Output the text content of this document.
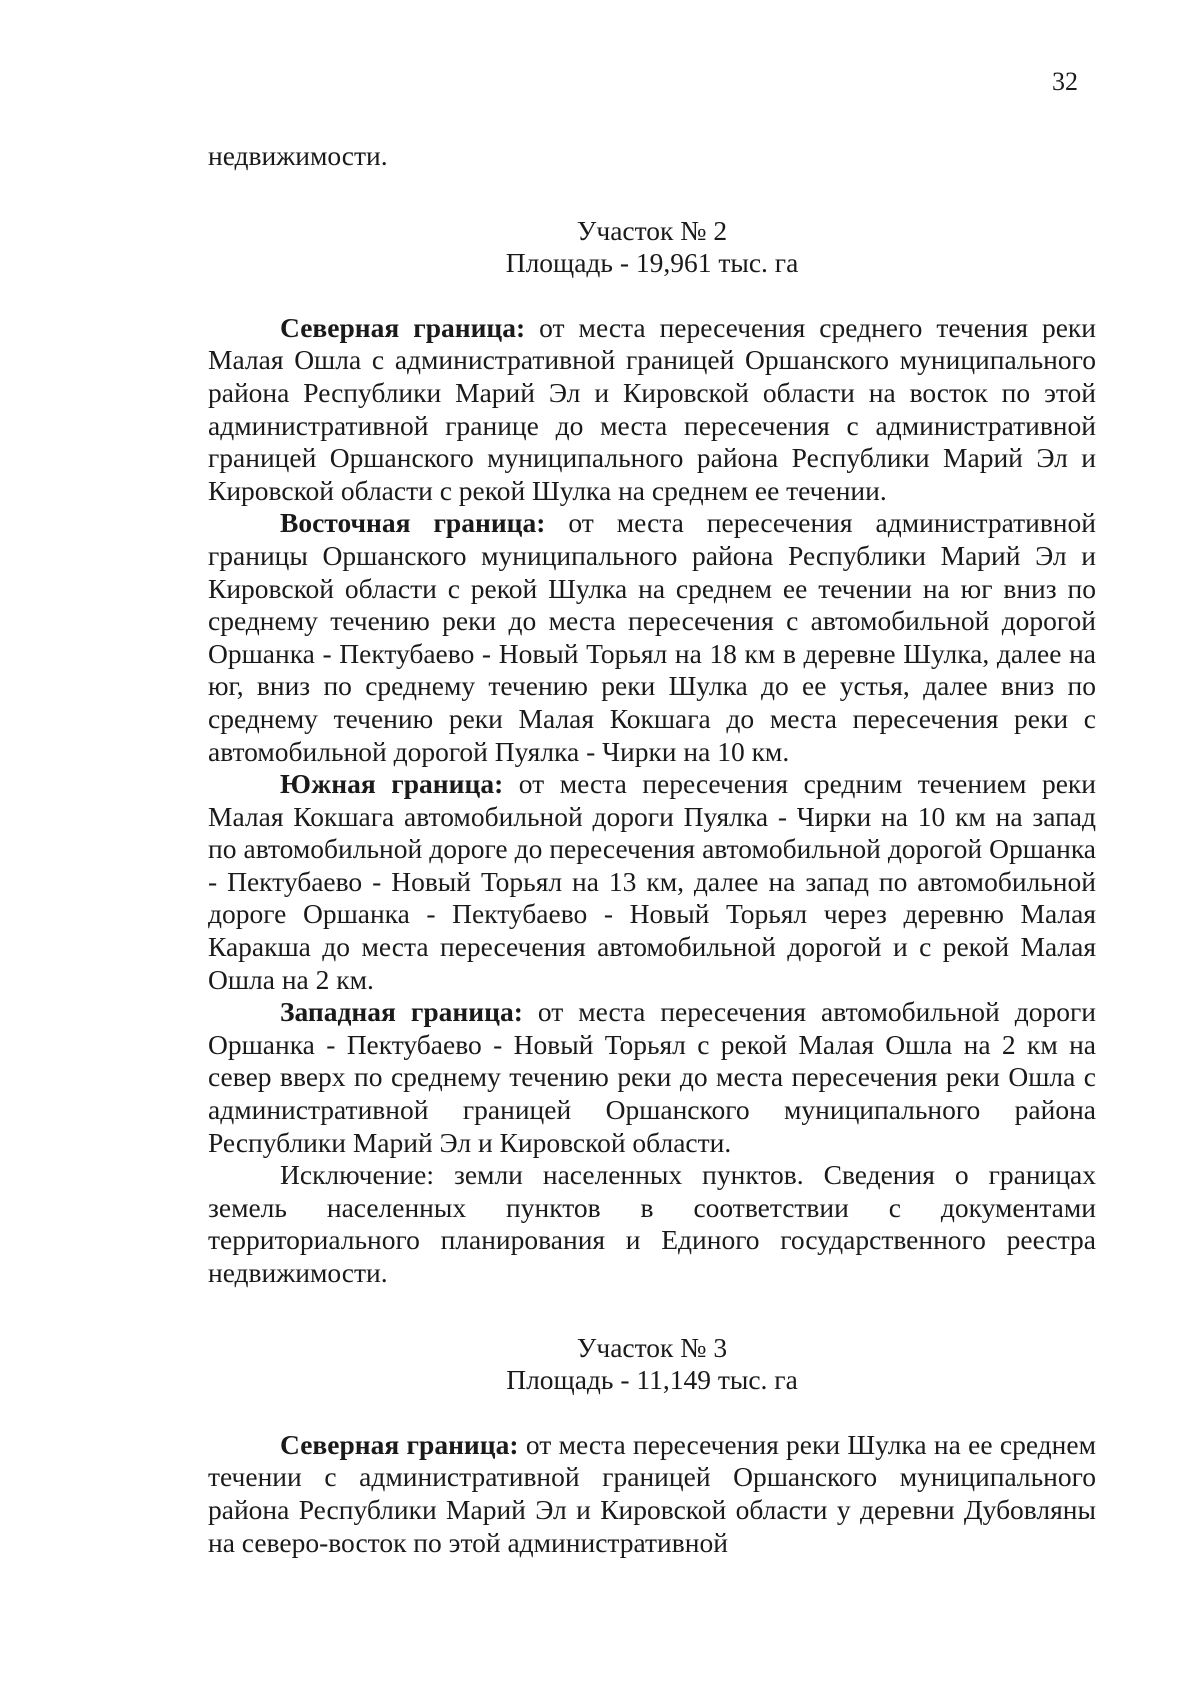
32

недвижимости.

Участок № 2

Площадь - 19,961 тыс. га

Северная граница: от места пересечения среднего течения реки Малая Ошла с административной границей Оршанского муниципального района Республики Марий Эл и Кировской области на восток по этой административной границе до места пересечения с административной границей Оршанского муниципального района Республики Марий Эл и Кировской области с рекой Шулка на среднем ее течении.

Восточная граница: от места пересечения административной границы Оршанского муниципального района Республики Марий Эл и Кировской области с рекой Шулка на среднем ее течении на юг вниз по среднему течению реки до места пересечения с автомобильной дорогой Оршанка - Пектубаево - Новый Торьял на 18 км в деревне Шулка, далее на юг, вниз по среднему течению реки Шулка до ее устья, далее вниз по среднему течению реки Малая Кокшага до места пересечения реки с автомобильной дорогой Пуялка - Чирки на 10 км.

Южная граница: от места пересечения средним течением реки Малая Кокшага автомобильной дороги Пуялка - Чирки на 10 км на запад по автомобильной дороге до пересечения автомобильной дорогой Оршанка - Пектубаево - Новый Торьял на 13 км, далее на запад по автомобильной дороге Оршанка - Пектубаево - Новый Торьял через деревню Малая Каракша до места пересечения автомобильной дорогой и с рекой Малая Ошла на 2 км.

Западная граница: от места пересечения автомобильной дороги Оршанка - Пектубаево - Новый Торьял с рекой Малая Ошла на 2 км на север вверх по среднему течению реки до места пересечения реки Ошла с административной границей Оршанского муниципального района Республики Марий Эл и Кировской области.

Исключение: земли населенных пунктов. Сведения о границах земель населенных пунктов в соответствии с документами территориального планирования и Единого государственного реестра недвижимости.

Участок № 3

Площадь - 11,149 тыс. га

Северная граница: от места пересечения реки Шулка на ее среднем течении с административной границей Оршанского муниципального района Республики Марий Эл и Кировской области у деревни Дубовляны на северо-восток по этой административной
